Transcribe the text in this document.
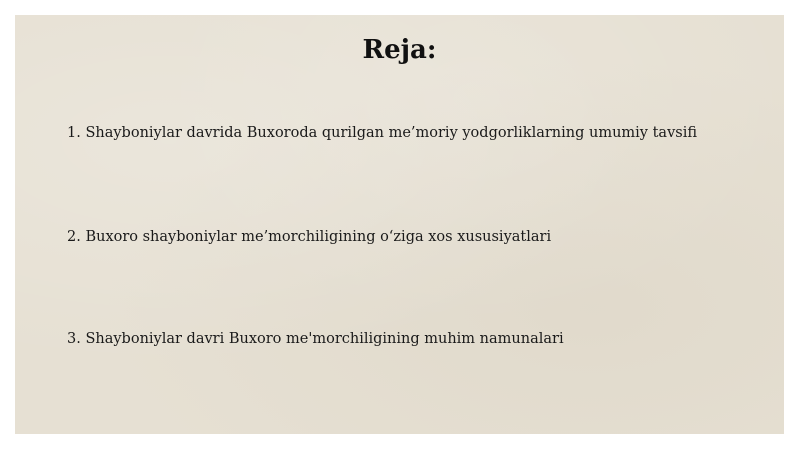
Reja:

1. Shayboniylar davrida Buxoroda qurilgan me’moriy yodgorliklarning umumiy tavsifi

2. Buxoro shayboniylar me’morchiligining o‘ziga xos xususiyatlari

3. Shayboniylar davri Buxoro me'morchiligining muhim namunalari
